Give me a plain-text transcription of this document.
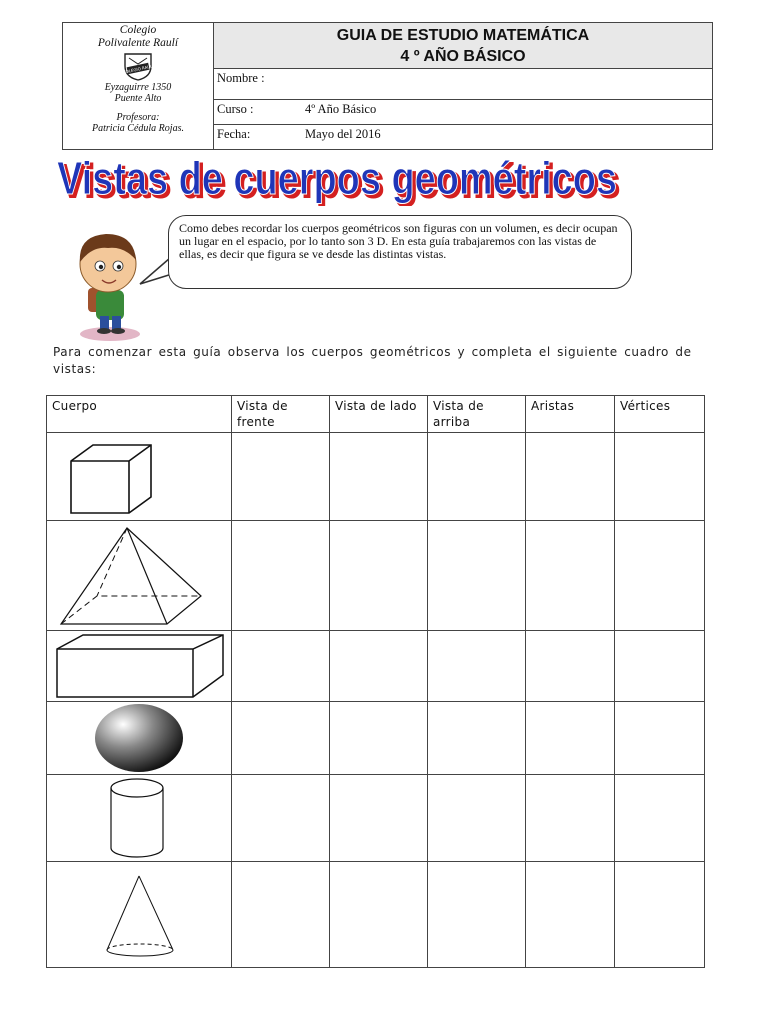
Colegio
Polivalente Raulí
COLEGIO RAULI
Eyzaguirre 1350
Puente Alto
Profesora:
Patricia Cédula Rojas.

GUIA DE ESTUDIO MATEMÁTICA
4 º AÑO BÁSICO

Nombre :
Curso :	4º Año Básico
Fecha:	Mayo del 2016
Vistas de cuerpos geométricos
Vistas de cuerpos geométricos
Como debes recordar los cuerpos geométricos son figuras con un volumen, es decir ocupan un lugar en el espacio, por lo tanto son 3 D. En esta guía trabajaremos con las vistas de ellas, es decir que figura se ve desde las distintas vistas.
Para comenzar esta guía observa los cuerpos geométricos y completa el siguiente cuadro de vistas:
Cuerpo	Vista de frente	Vista de lado	Vista de arriba	Aristas	Vértices
